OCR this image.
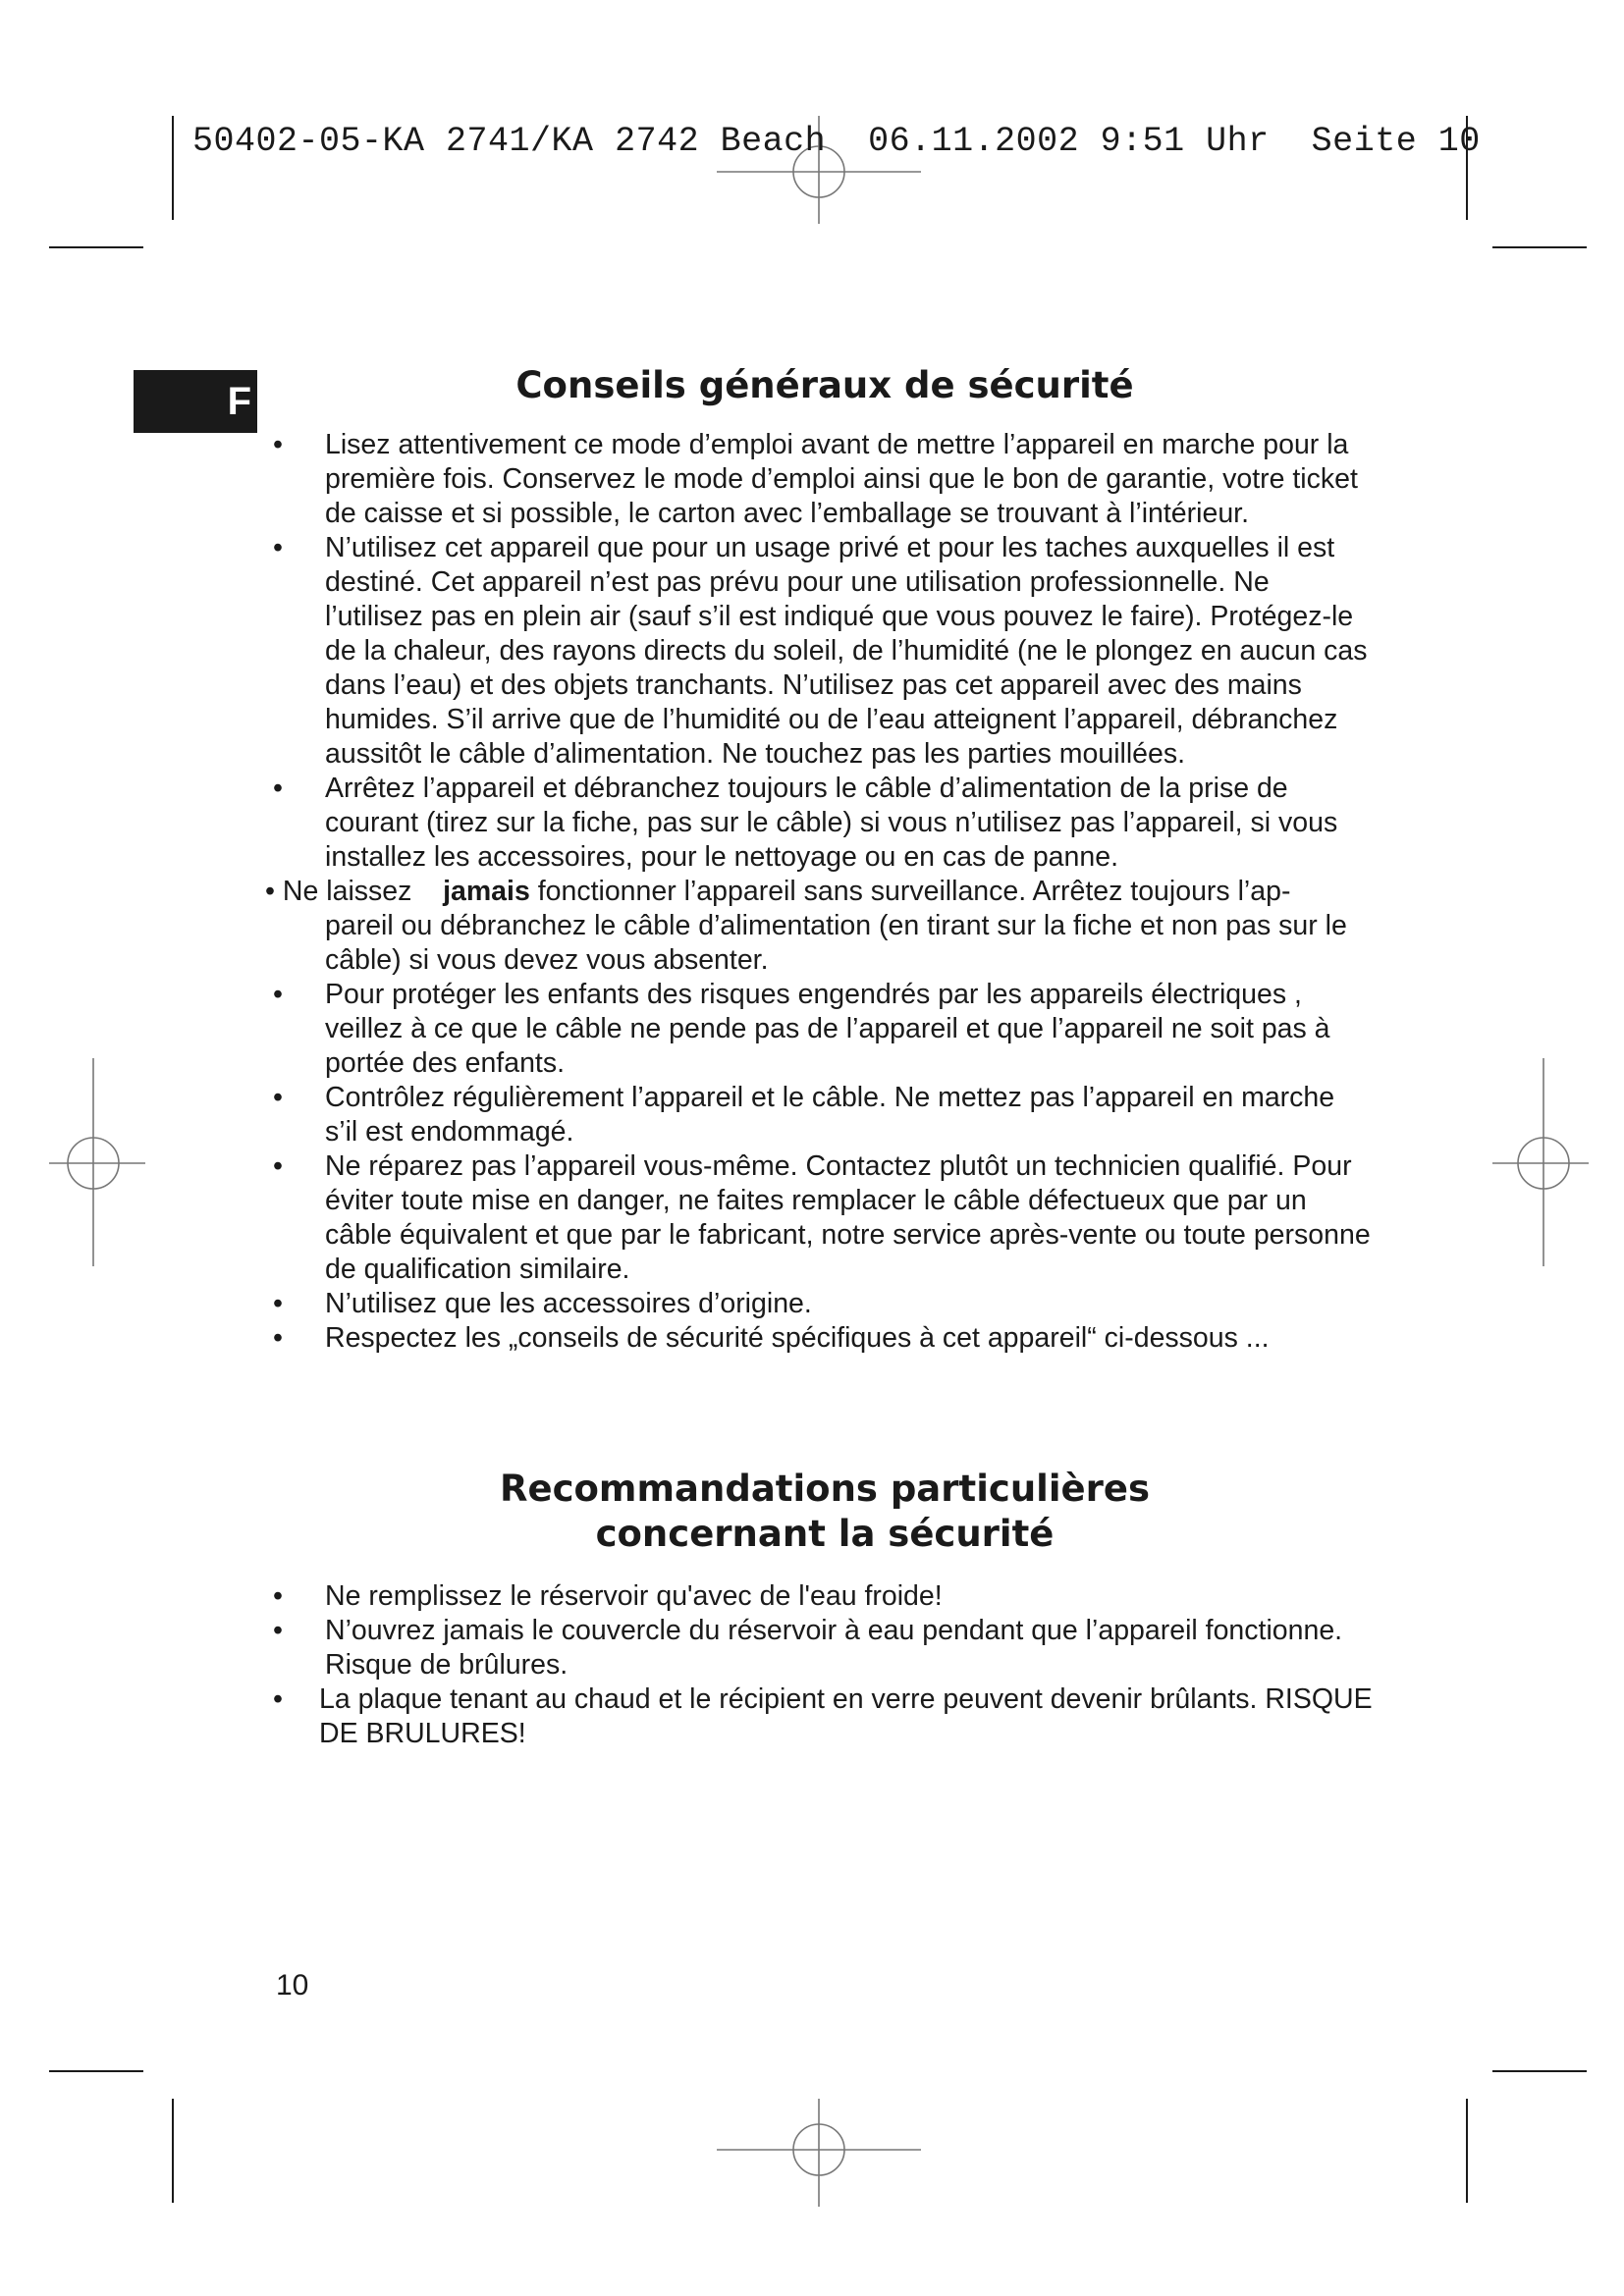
50402-05-KA 2741/KA 2742 Beach  06.11.2002 9:51 Uhr  Seite 10
F	Conseils généraux de sécurité
• Lisez attentivement ce mode d’emploi avant de mettre l’appareil en marche pour la première fois. Conservez le mode d’emploi ainsi que le bon de garantie, votre ticket de caisse et si possible, le carton avec l’emballage se trouvant à l’intérieur.
• N’utilisez cet appareil que pour un usage privé et pour les taches auxquelles il est destiné. Cet appareil n’est pas prévu pour une utilisation professionnelle. Ne l’utilisez pas en plein air (sauf s’il est indiqué que vous pouvez le faire). Protégez-le de la chaleur, des rayons directs du soleil, de l’humidité (ne le plongez en aucun cas dans l’eau) et des objets tranchants. N’utilisez pas cet appareil avec des mains humides. S’il arrive que de l’humidité ou de l’eau atteignent l’appareil, débranchez aussitôt le câble d’alimentation. Ne touchez pas les parties mouillées.
• Arrêtez l’appareil et débranchez toujours le câble d’alimentation de la prise de courant (tirez sur la fiche, pas sur le câble) si vous n’utilisez pas l’appareil, si vous installez les accessoires, pour le nettoyage ou en cas de panne.
• Ne laissez jamais fonctionner l’appareil sans surveillance. Arrêtez toujours l’ap-
pareil ou débranchez le câble d’alimentation (en tirant sur la fiche et non pas sur le câble) si vous devez vous absenter.
• Pour protéger les enfants des risques engendrés par les appareils électriques , veillez à ce que le câble ne pende pas de l’appareil et que l’appareil ne soit pas à portée des enfants.
• Contrôlez régulièrement l’appareil et le câble. Ne mettez pas l’appareil en marche s’il est endommagé.
• Ne réparez pas l’appareil vous-même. Contactez plutôt un technicien qualifié. Pour éviter toute mise en danger, ne faites remplacer le câble défectueux que par un câble équivalent et que par le fabricant, notre service après-vente ou toute personne de qualification similaire.
• N’utilisez que les accessoires d’origine.
• Respectez les „conseils de sécurité spécifiques à cet appareil“ ci-dessous ...
Recommandations particulières
concernant la sécurité
• Ne remplissez le réservoir qu'avec de l'eau froide!
• N’ouvrez jamais le couvercle du réservoir à eau pendant que l’appareil fonctionne. Risque de brûlures.
• La plaque tenant au chaud et le récipient en verre peuvent devenir brûlants. RISQUE DE BRULURES!
10
